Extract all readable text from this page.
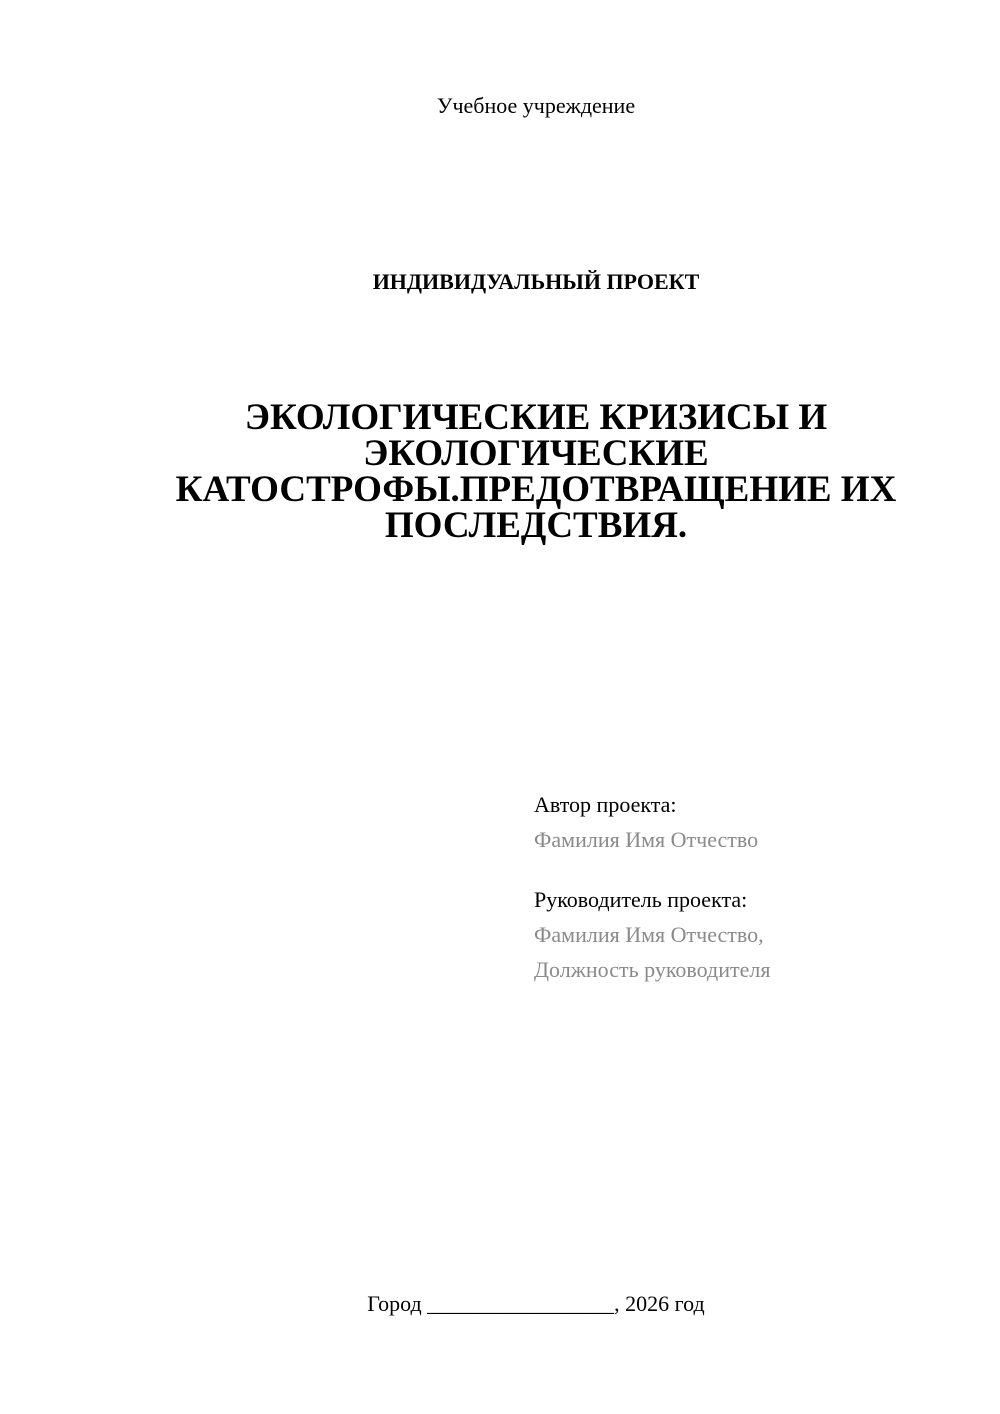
Учебное учреждение
ИНДИВИДУАЛЬНЫЙ ПРОЕКТ
ЭКОЛОГИЧЕСКИЕ КРИЗИСЫ И
ЭКОЛОГИЧЕСКИЕ
КАТОСТРОФЫ.ПРЕДОТВРАЩЕНИЕ ИХ
ПОСЛЕДСТВИЯ.
Автор проекта:
Фамилия Имя Отчество
Руководитель проекта:
Фамилия Имя Отчество,
Должность руководителя
Город _________________, 2026 год
